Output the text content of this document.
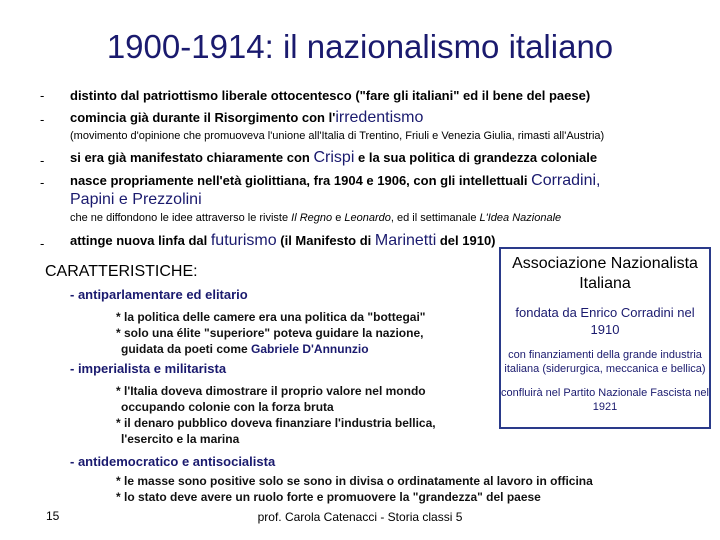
1900-1914: il nazionalismo italiano
- distinto dal patriottismo liberale ottocentesco ("fare gli italiani" ed il bene del paese)
- comincia già durante il Risorgimento con l'irredentismo
(movimento d'opinione che promuoveva l'unione all'Italia di Trentino, Friuli e Venezia Giulia, rimasti all'Austria)
- si era già manifestato chiaramente con Crispi e la sua politica di grandezza coloniale
- nasce propriamente nell'età giolittiana, fra 1904 e 1906, con gli intellettuali Corradini,
Papini e Prezzolini
che ne diffondono le idee attraverso le riviste Il Regno e Leonardo, ed il settimanale L'Idea Nazionale
- attinge nuova linfa dal futurismo (il Manifesto di Marinetti del 1910)
CARATTERISTICHE:
- antiparlamentare ed elitario
* la politica delle camere era una politica da "bottegai"
* solo una élite "superiore" poteva guidare la nazione,
guidata da poeti come Gabriele D'Annunzio
- imperialista e militarista
* l'Italia doveva dimostrare il proprio valore nel mondo
occupando colonie con la forza bruta
* il denaro pubblico doveva finanziare l'industria bellica,
l'esercito e la marina
- antidemocratico e antisocialista
* le masse sono positive solo se sono in divisa o ordinatamente al lavoro in officina
* lo stato deve avere un ruolo forte e promuovere la "grandezza" del paese
Associazione Nazionalista Italiana
fondata da Enrico Corradini nel 1910
con finanziamenti della grande industria italiana (siderurgica, meccanica e bellica)
confluirà nel Partito Nazionale Fascista nel 1921
15	prof. Carola Catenacci - Storia classi 5
